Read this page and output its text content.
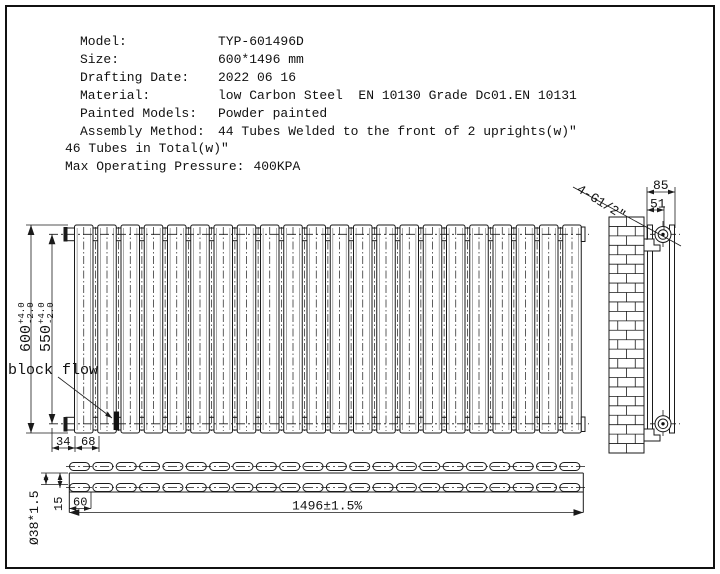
Model:	TYP-601496D
Size:	600*1496 mm
Drafting Date:	2022 06 16
Material:	low Carbon Steel  EN 10130 Grade Dc01.EN 10131
Painted Models:	Powder painted
Assembly Method:	44 Tubes Welded to the front of 2 uprights(w)″
46 Tubes in Total(w)″
Max Operating Pressure: 400KPA
600
+4.0 -2.0
550
+4.0 -2.0
34 68
block flow
85
51
4-G1/2″
Ø38*1.5 15 60	1496±1.5%
